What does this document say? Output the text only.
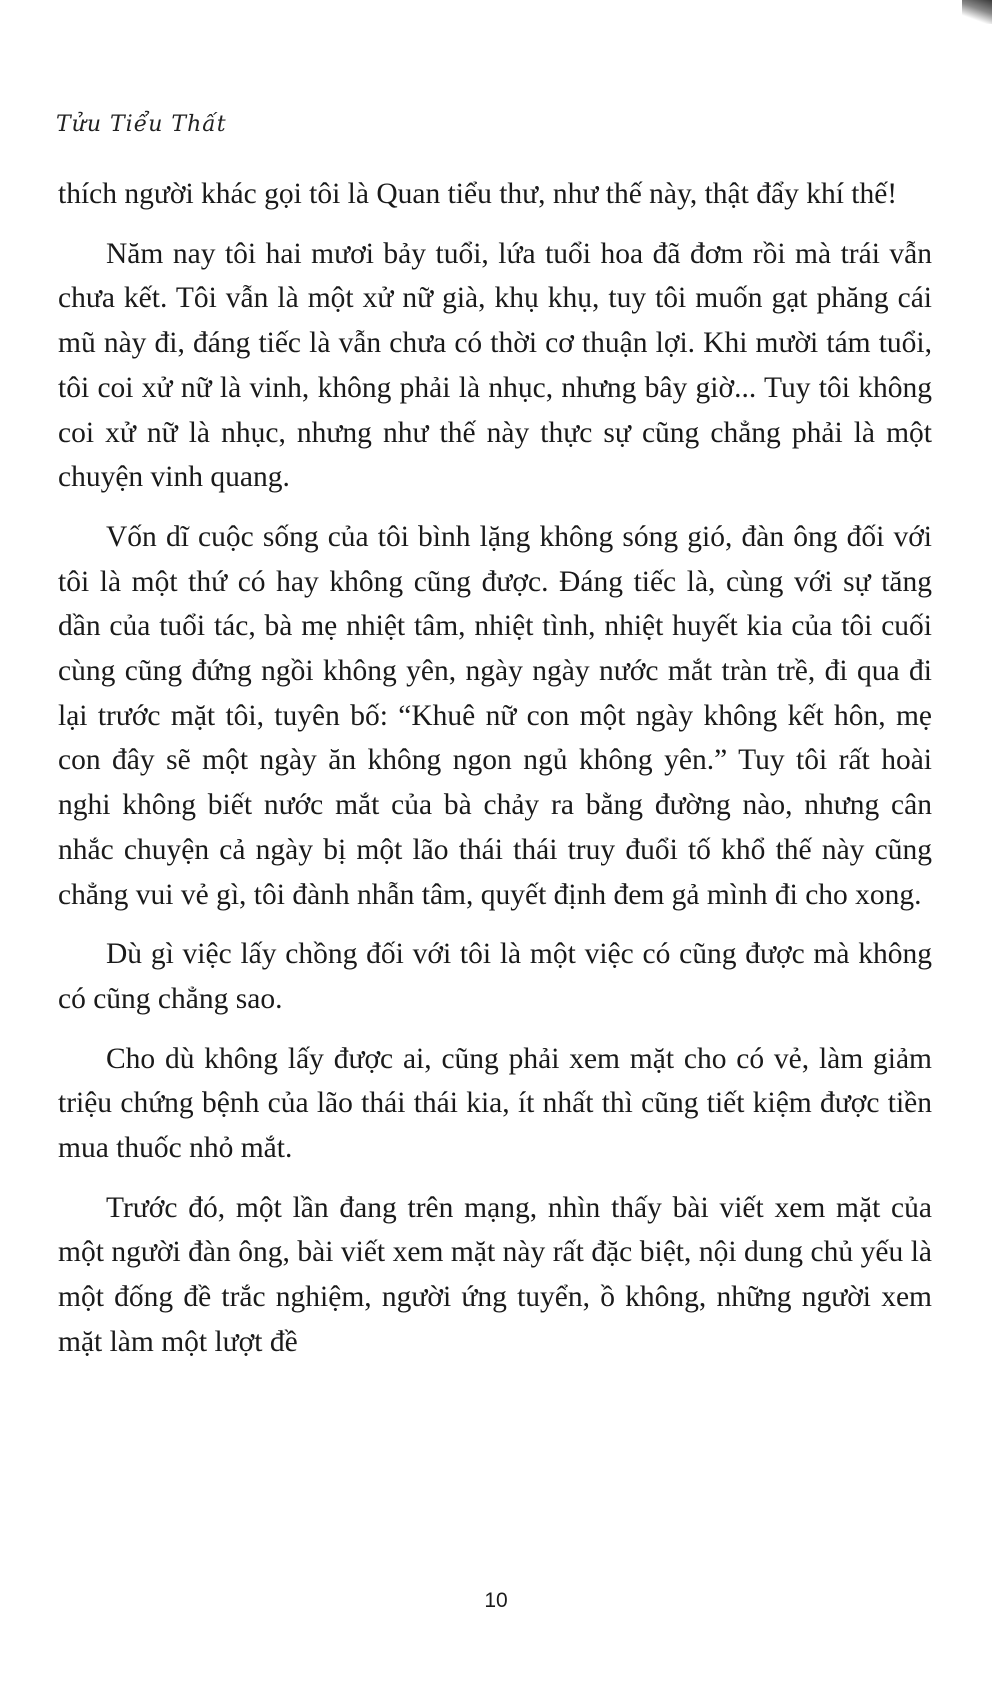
Tửu Tiểu Thất

thích người khác gọi tôi là Quan tiểu thư, như thế này, thật đẩy khí thế!

Năm nay tôi hai mươi bảy tuổi, lứa tuổi hoa đã đơm rồi mà trái vẫn chưa kết. Tôi vẫn là một xử nữ già, khụ khụ, tuy tôi muốn gạt phăng cái mũ này đi, đáng tiếc là vẫn chưa có thời cơ thuận lợi. Khi mười tám tuổi, tôi coi xử nữ là vinh, không phải là nhục, nhưng bây giờ... Tuy tôi không coi xử nữ là nhục, nhưng như thế này thực sự cũng chẳng phải là một chuyện vinh quang.

Vốn dĩ cuộc sống của tôi bình lặng không sóng gió, đàn ông đối với tôi là một thứ có hay không cũng được. Đáng tiếc là, cùng với sự tăng dần của tuổi tác, bà mẹ nhiệt tâm, nhiệt tình, nhiệt huyết kia của tôi cuối cùng cũng đứng ngồi không yên, ngày ngày nước mắt tràn trề, đi qua đi lại trước mặt tôi, tuyên bố: “Khuê nữ con một ngày không kết hôn, mẹ con đây sẽ một ngày ăn không ngon ngủ không yên.” Tuy tôi rất hoài nghi không biết nước mắt của bà chảy ra bằng đường nào, nhưng cân nhắc chuyện cả ngày bị một lão thái thái truy đuổi tố khổ thế này cũng chẳng vui vẻ gì, tôi đành nhẫn tâm, quyết định đem gả mình đi cho xong.

Dù gì việc lấy chồng đối với tôi là một việc có cũng được mà không có cũng chẳng sao.

Cho dù không lấy được ai, cũng phải xem mặt cho có vẻ, làm giảm triệu chứng bệnh của lão thái thái kia, ít nhất thì cũng tiết kiệm được tiền mua thuốc nhỏ mắt.

Trước đó, một lần đang trên mạng, nhìn thấy bài viết xem mặt của một người đàn ông, bài viết xem mặt này rất đặc biệt, nội dung chủ yếu là một đống đề trắc nghiệm, người ứng tuyển, ồ không, những người xem mặt làm một lượt đề

10
